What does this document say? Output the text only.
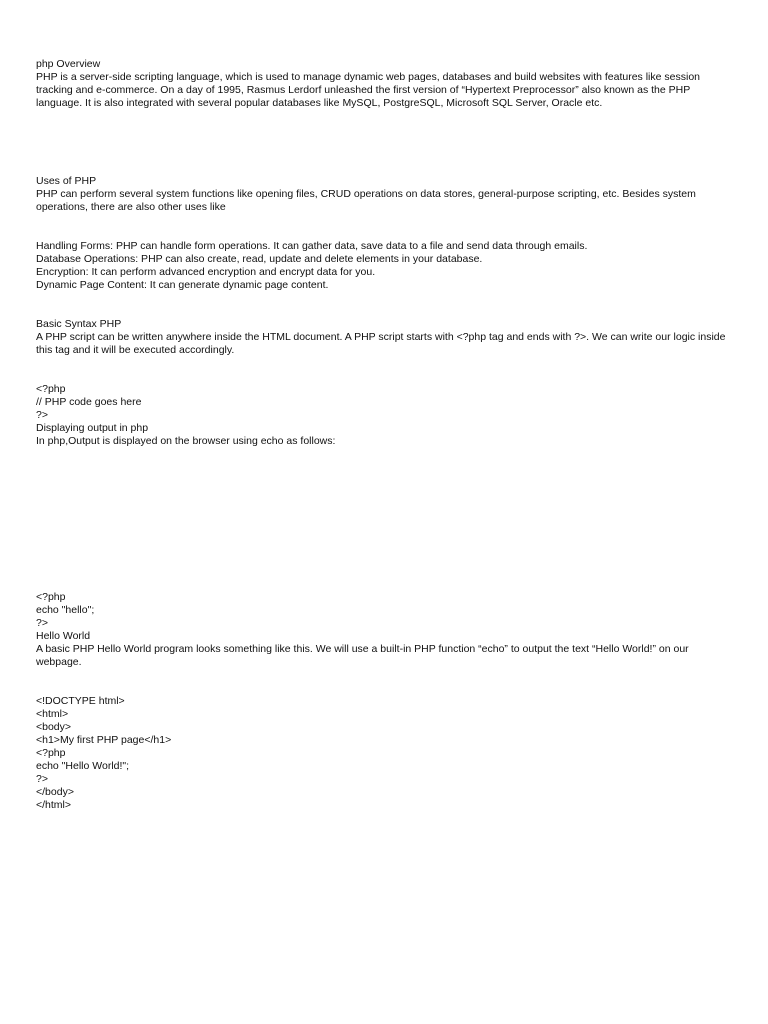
php Overview
PHP is a server-side scripting language, which is used to manage dynamic web pages, databases and build websites with features like session tracking and e-commerce. On a day of 1995, Rasmus Lerdorf unleashed the first version of “Hypertext Preprocessor” also known as the PHP language. It is also integrated with several popular databases like MySQL, PostgreSQL, Microsoft SQL Server, Oracle etc.
Uses of PHP
PHP can perform several system functions like opening files, CRUD operations on data stores, general-purpose scripting, etc. Besides system operations, there are also other uses like
Handling Forms: PHP can handle form operations. It can gather data, save data to a file and send data through emails.
Database Operations: PHP can also create, read, update and delete elements in your database.
Encryption: It can perform advanced encryption and encrypt data for you.
Dynamic Page Content: It can generate dynamic page content.
Basic Syntax PHP
A PHP script can be written anywhere inside the HTML document. A PHP script starts with <?php tag and ends with ?>. We can write our logic inside this tag and it will be executed accordingly.
<?php
// PHP code goes here
?>
Displaying output in php
In php,Output is displayed on the browser using echo as follows:
<?php
echo "hello";
?>
Hello World
A basic PHP Hello World program looks something like this. We will use a built-in PHP function “echo” to output the text “Hello World!” on our webpage.
<!DOCTYPE html>
<html>
<body>
<h1>My first PHP page</h1>
<?php
echo "Hello World!";
?>
</body>
</html>
